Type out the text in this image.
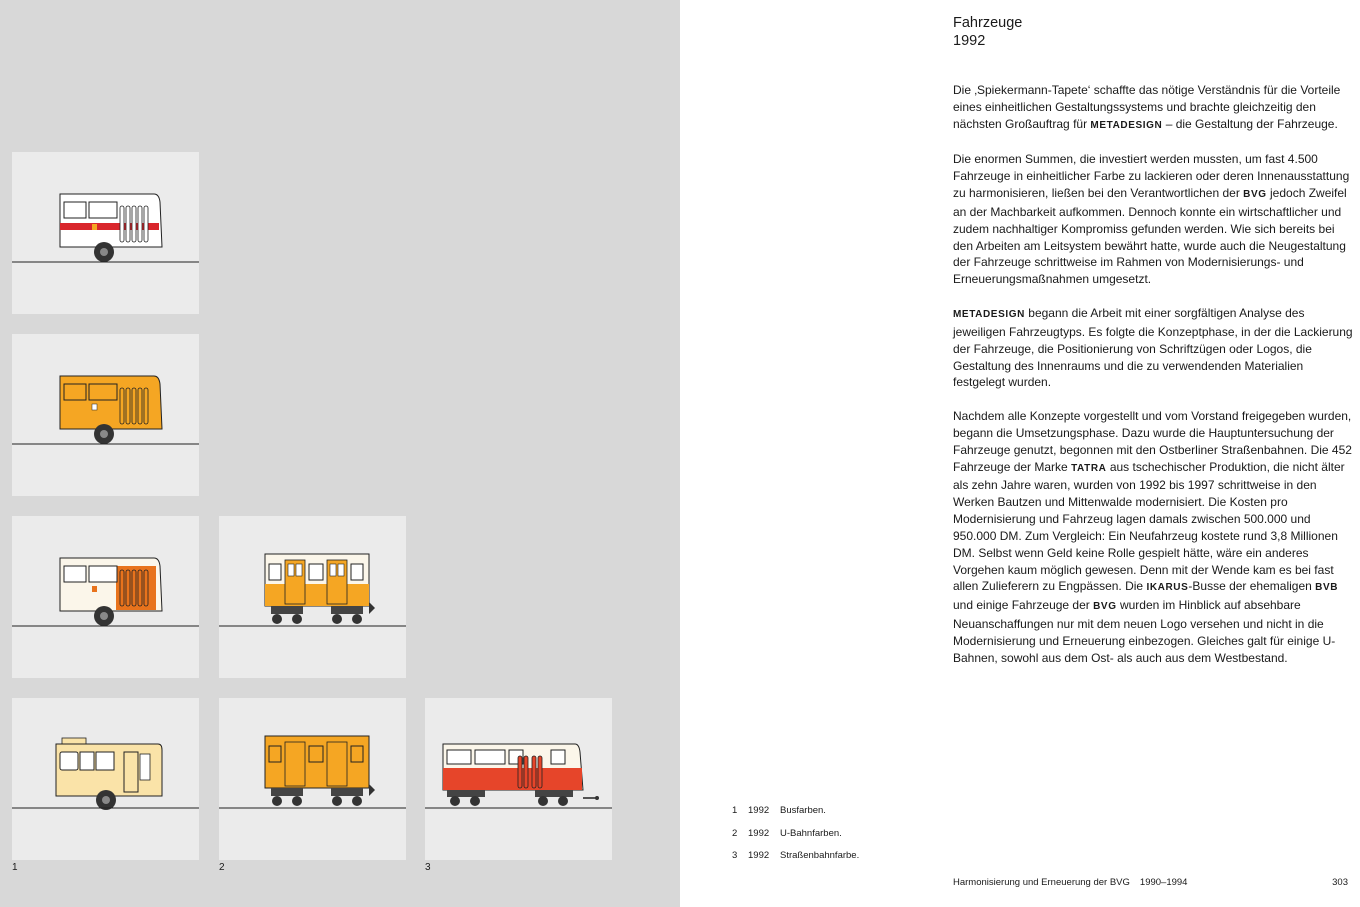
1	2	3
Fahrzeuge
1992

Die ‚Spiekermann-Tapete‘ schaffte das nötige Verständnis für die Vorteile eines einheitlichen Gestaltungssystems und brachte gleichzeitig den nächsten Großauftrag für METADESIGN – die Gestaltung der Fahrzeuge.

Die enormen Summen, die investiert werden mussten, um fast 4.500 Fahrzeuge in einheitlicher Farbe zu lackieren oder deren Innenausstattung zu harmonisieren, ließen bei den Verantwortlichen der BVG jedoch Zweifel an der Machbarkeit aufkommen. Dennoch konnte ein wirtschaftlicher und zudem nachhaltiger Kompromiss gefunden werden. Wie sich bereits bei den Arbeiten am Leitsystem bewährt hatte, wurde auch die Neugestaltung der Fahrzeuge schrittweise im Rahmen von Modernisierungs- und Erneuerungsmaßnahmen umgesetzt.

METADESIGN begann die Arbeit mit einer sorgfältigen Analyse des jeweiligen Fahrzeugtyps. Es folgte die Konzeptphase, in der die Lackierung der Fahrzeuge, die Positionierung von Schriftzügen oder Logos, die Gestaltung des Innenraums und die zu verwendenden Materialien festgelegt wurden.

Nachdem alle Konzepte vorgestellt und vom Vorstand freigegeben wurden, begann die Umsetzungsphase. Dazu wurde die Hauptuntersuchung der Fahrzeuge genutzt, begonnen mit den Ostberliner Straßenbahnen. Die 452 Fahrzeuge der Marke TATRA aus tschechischer Produktion, die nicht älter als zehn Jahre waren, wurden von 1992 bis 1997 schrittweise in den Werken Bautzen und Mittenwalde modernisiert. Die Kosten pro Modernisierung und Fahrzeug lagen damals zwischen 500.000 und 950.000 DM. Zum Vergleich: Ein Neufahrzeug kostete rund 3,8 Millionen DM. Selbst wenn Geld keine Rolle gespielt hätte, wäre ein anderes Vorgehen kaum möglich gewesen. Denn mit der Wende kam es bei fast allen Zulieferern zu Engpässen. Die IKARUS-Busse der ehemaligen BVB und einige Fahrzeuge der BVG wurden im Hinblick auf absehbare Neuanschaffungen nur mit dem neuen Logo versehen und nicht in die Modernisierung und Erneuerung einbezogen. Gleiches galt für einige U-Bahnen, sowohl aus dem Ost- als auch aus dem Westbestand.

1	1992	Busfarben.
2	1992	U-Bahnfarben.
3	1992	Straßenbahnfarbe.
Harmonisierung und Erneuerung der BVG 1990–1994	303
